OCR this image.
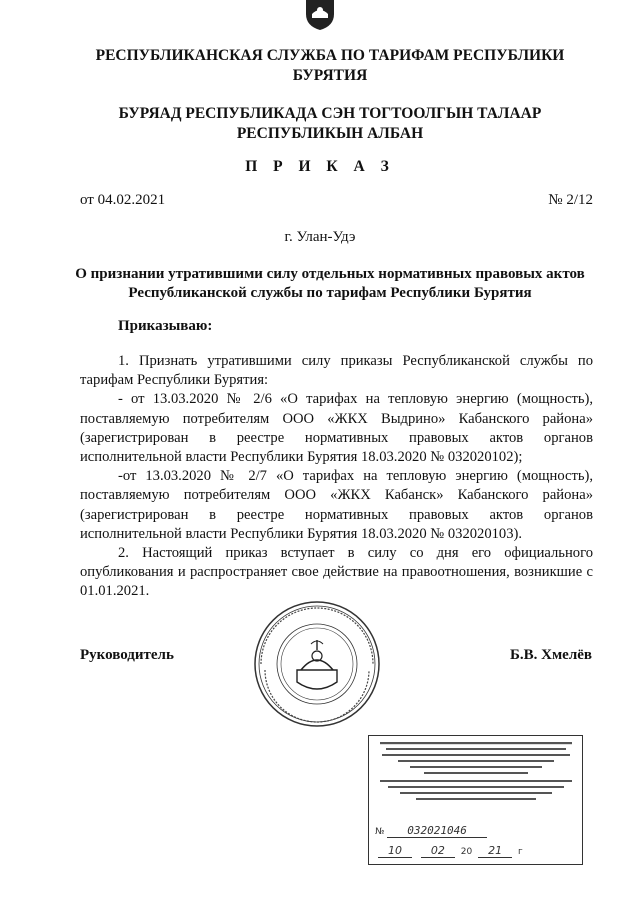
РЕСПУБЛИКАНСКАЯ СЛУЖБА ПО ТАРИФАМ РЕСПУБЛИКИ БУРЯТИЯ
БУРЯАД РЕСПУБЛИКАДА СЭН ТОГТООЛГЫН ТАЛААР РЕСПУБЛИКЫН АЛБАН
П Р И К А З
от 04.02.2021	№ 2/12
г. Улан-Удэ
О признании утратившими силу отдельных нормативных правовых актов Республиканской службы по тарифам Республики Бурятия
Приказываю:

1. Признать утратившими силу приказы Республиканской службы по тарифам Республики Бурятия:

- от 13.03.2020 № 2/6 «О тарифах на тепловую энергию (мощность), поставляемую потребителям ООО «ЖКХ Выдрино» Кабанского района» (зарегистрирован в реестре нормативных правовых актов органов исполнительной власти Республики Бурятия 18.03.2020 № 032020102);

-от 13.03.2020 № 2/7 «О тарифах на тепловую энергию (мощность), поставляемую потребителям ООО «ЖКХ Кабанск» Кабанского района» (зарегистрирован в реестре нормативных правовых актов органов исполнительной власти Республики Бурятия 18.03.2020 № 032020103).

2. Настоящий приказ вступает в силу со дня его официального опубликования и распространяет свое действие на правоотношения, возникшие с 01.01.2021.

Руководитель	Б.В. Хмелёв
№ 032021046
10	02 20 21 г
